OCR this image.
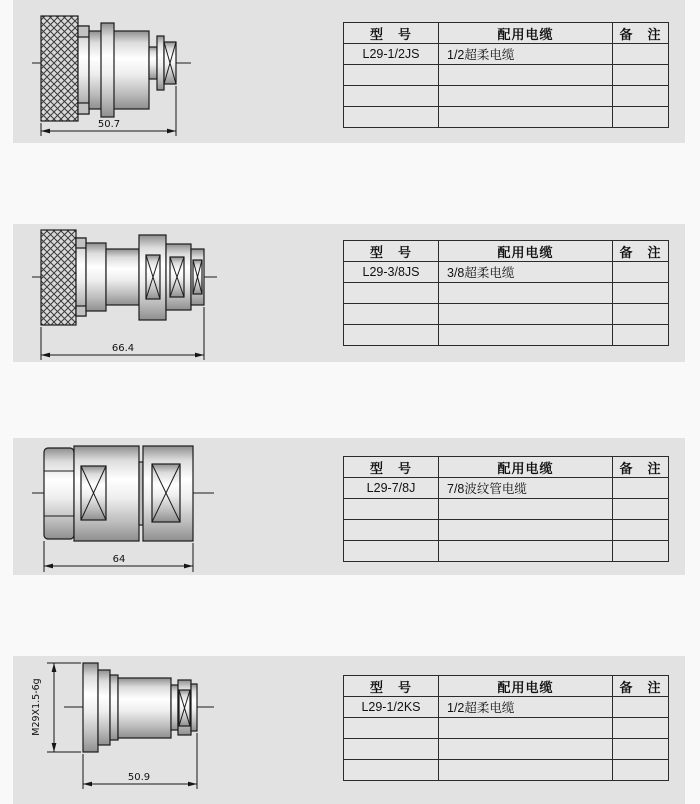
50.7
型　号	配用电缆	备　注
L29-1/2JS	1/2超柔电缆	

66.4
型　号	配用电缆	备　注
L29-3/8JS	3/8超柔电缆	

64
型　号	配用电缆	备　注
L29-7/8J	7/8波纹管电缆	

M29X1.5-6g
50.9
型　号	配用电缆	备　注
L29-1/2KS	1/2超柔电缆	
